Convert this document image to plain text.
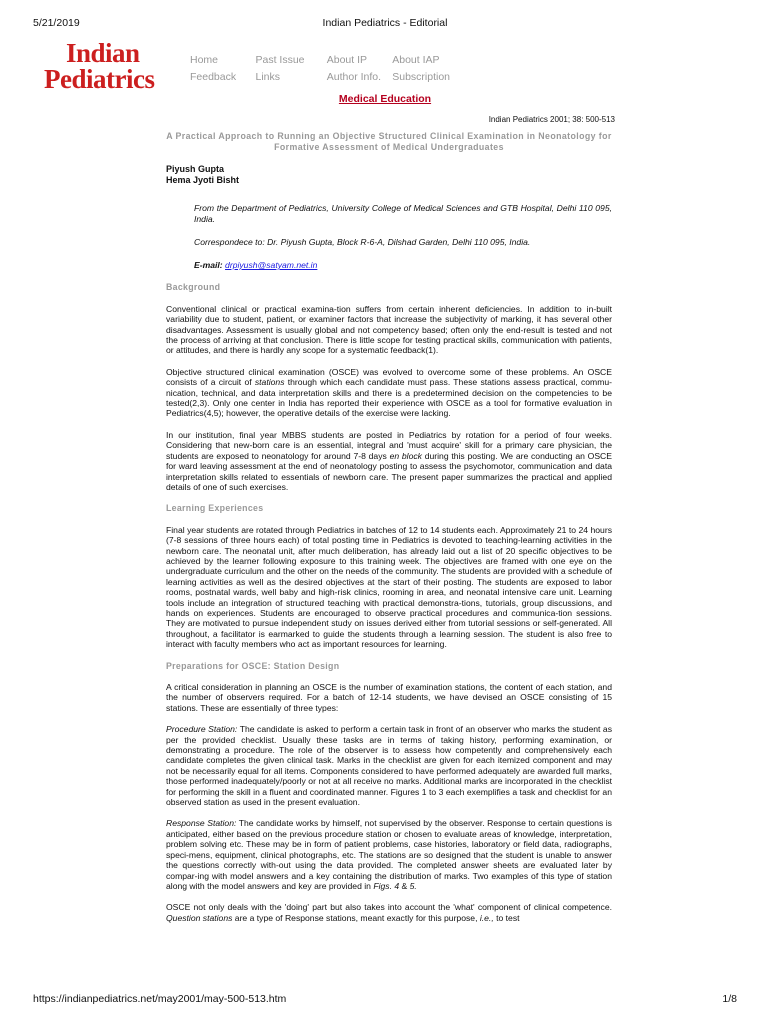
5/21/2019	Indian Pediatrics - Editorial
Indian
Pediatrics
Home	Past Issue	About IP	About IAP
Feedback	Links	Author Info.	Subscription
Medical Education
Indian Pediatrics 2001; 38: 500-513
A Practical Approach to Running an Objective Structured Clinical Examination in Neonatology for
Formative Assessment of Medical Undergraduates
Piyush Gupta
Hema Jyoti Bisht

From the Department of Pediatrics, University College of Medical Sciences and GTB Hospital, Delhi 110 095, India.

Correspondece to: Dr. Piyush Gupta, Block R-6-A, Dilshad Garden, Delhi 110 095, India.

E-mail: drpiyush@satyam.net.in

Background

Conventional clinical or practical examina-tion suffers from certain inherent deficiencies. In addition to in-built variability due to student, patient, or examiner factors that increase the subjectivity of marking, it has several other disadvantages. Assessment is usually global and not competency based; often only the end-result is tested and not the process of arriving at that conclusion. There is little scope for testing practical skills, communication with patients, or attitudes, and there is hardly any scope for a systematic feedback(1).

Objective structured clinical examination (OSCE) was evolved to overcome some of these problems. An OSCE consists of a circuit of stations through which each candidate must pass. These stations assess practical, commu-nication, technical, and data interpretation skills and there is a predetermined decision on the competencies to be tested(2,3). Only one center in India has reported their experience with OSCE as a tool for formative evaluation in Pediatrics(4,5); however, the operative details of the exercise were lacking.

In our institution, final year MBBS students are posted in Pediatrics by rotation for a period of four weeks. Considering that new-born care is an essential, integral and 'must acquire' skill for a primary care physician, the students are exposed to neonatology for around 7-8 days en block during this posting. We are conducting an OSCE for ward leaving assessment at the end of neonatology posting to assess the psychomotor, communication and data interpretation skills related to essentials of newborn care. The present paper summarizes the practical and applied details of one of such exercises.

Learning Experiences

Final year students are rotated through Pediatrics in batches of 12 to 14 students each. Approximately 21 to 24 hours (7-8 sessions of three hours each) of total posting time in Pediatrics is devoted to teaching-learning activities in the newborn care. The neonatal unit, after much deliberation, has already laid out a list of 20 specific objectives to be achieved by the learner following exposure to this training week. The objectives are framed with one eye on the undergraduate curriculum and the other on the needs of the community. The students are provided with a schedule of learning activities as well as the desired objectives at the start of their posting. The students are exposed to labor rooms, postnatal wards, well baby and high-risk clinics, rooming in area, and neonatal intensive care unit. Learning tools include an integration of structured teaching with practical demonstra-tions, tutorials, group discussions, and hands on experiences. Students are encouraged to observe practical procedures and communica-tion sessions. They are motivated to pursue independent study on issues derived either from tutorial sessions or self-generated. All throughout, a facilitator is earmarked to guide the students through a learning session. The student is also free to interact with faculty members who act as important resources for learning.

Preparations for OSCE: Station Design

A critical consideration in planning an OSCE is the number of examination stations, the content of each station, and the number of observers required. For a batch of 12-14 students, we have devised an OSCE consisting of 15 stations. These are essentially of three types:

Procedure Station: The candidate is asked to perform a certain task in front of an observer who marks the student as per the provided checklist. Usually these tasks are in terms of taking history, performing examination, or demonstrating a procedure. The role of the observer is to assess how competently and comprehensively each candidate completes the given clinical task. Marks in the checklist are given for each itemized component and may not be necessarily equal for all items. Components considered to have performed adequately are awarded full marks, those performed inadequately/poorly or not at all receive no marks. Additional marks are incorporated in the checklist for performing the skill in a fluent and coordinated manner. Figures 1 to 3 each exemplifies a task and checklist for an observed station as used in the present evaluation.

Response Station: The candidate works by himself, not supervised by the observer. Response to certain questions is anticipated, either based on the previous procedure station or chosen to evaluate areas of knowledge, interpretation, problem solving etc. These may be in form of patient problems, case histories, laboratory or field data, radiographs, speci-mens, equipment, clinical photographs, etc. The stations are so designed that the student is unable to answer the questions correctly with-out using the data provided. The completed answer sheets are evaluated later by compar-ing with model answers and a key containing the distribution of marks. Two examples of this type of station along with the model answers and key are provided in Figs. 4 & 5.

OSCE not only deals with the 'doing' part but also takes into account the 'what' component of clinical competence. Question stations are a type of Response stations, meant exactly for this purpose, i.e., to test

https://indianpediatrics.net/may2001/may-500-513.htm	1/8
